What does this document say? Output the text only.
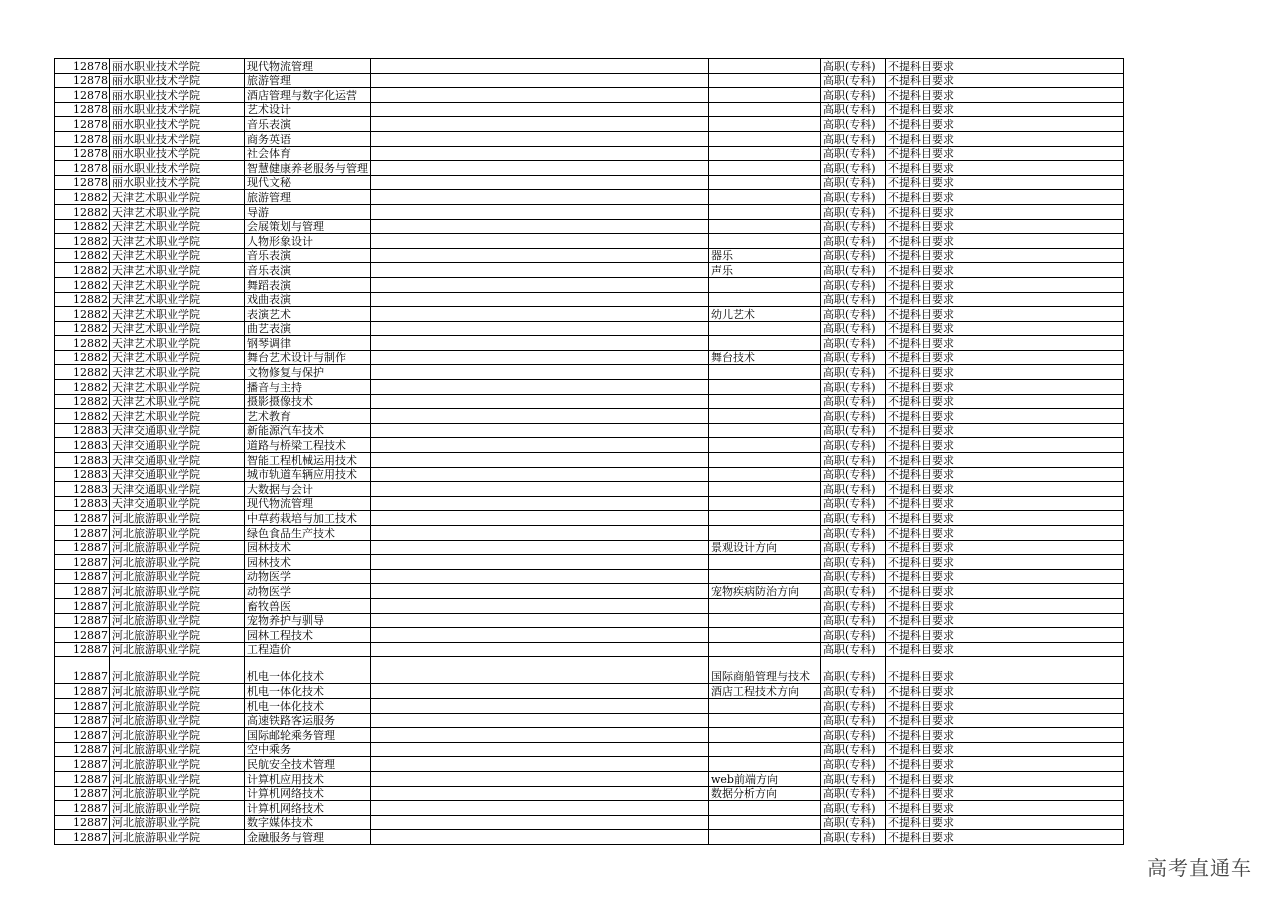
12878	丽水职业技术学院	现代物流管理			高职(专科)	不提科目要求
12878	丽水职业技术学院	旅游管理			高职(专科)	不提科目要求
12878	丽水职业技术学院	酒店管理与数字化运营			高职(专科)	不提科目要求
12878	丽水职业技术学院	艺术设计			高职(专科)	不提科目要求
12878	丽水职业技术学院	音乐表演			高职(专科)	不提科目要求
12878	丽水职业技术学院	商务英语			高职(专科)	不提科目要求
12878	丽水职业技术学院	社会体育			高职(专科)	不提科目要求
12878	丽水职业技术学院	智慧健康养老服务与管理			高职(专科)	不提科目要求
12878	丽水职业技术学院	现代文秘			高职(专科)	不提科目要求
12882	天津艺术职业学院	旅游管理			高职(专科)	不提科目要求
12882	天津艺术职业学院	导游			高职(专科)	不提科目要求
12882	天津艺术职业学院	会展策划与管理			高职(专科)	不提科目要求
12882	天津艺术职业学院	人物形象设计			高职(专科)	不提科目要求
12882	天津艺术职业学院	音乐表演		器乐	高职(专科)	不提科目要求
12882	天津艺术职业学院	音乐表演		声乐	高职(专科)	不提科目要求
12882	天津艺术职业学院	舞蹈表演			高职(专科)	不提科目要求
12882	天津艺术职业学院	戏曲表演			高职(专科)	不提科目要求
12882	天津艺术职业学院	表演艺术		幼儿艺术	高职(专科)	不提科目要求
12882	天津艺术职业学院	曲艺表演			高职(专科)	不提科目要求
12882	天津艺术职业学院	钢琴调律			高职(专科)	不提科目要求
12882	天津艺术职业学院	舞台艺术设计与制作		舞台技术	高职(专科)	不提科目要求
12882	天津艺术职业学院	文物修复与保护			高职(专科)	不提科目要求
12882	天津艺术职业学院	播音与主持			高职(专科)	不提科目要求
12882	天津艺术职业学院	摄影摄像技术			高职(专科)	不提科目要求
12882	天津艺术职业学院	艺术教育			高职(专科)	不提科目要求
12883	天津交通职业学院	新能源汽车技术			高职(专科)	不提科目要求
12883	天津交通职业学院	道路与桥梁工程技术			高职(专科)	不提科目要求
12883	天津交通职业学院	智能工程机械运用技术			高职(专科)	不提科目要求
12883	天津交通职业学院	城市轨道车辆应用技术			高职(专科)	不提科目要求
12883	天津交通职业学院	大数据与会计			高职(专科)	不提科目要求
12883	天津交通职业学院	现代物流管理			高职(专科)	不提科目要求
12887	河北旅游职业学院	中草药栽培与加工技术			高职(专科)	不提科目要求
12887	河北旅游职业学院	绿色食品生产技术			高职(专科)	不提科目要求
12887	河北旅游职业学院	园林技术		景观设计方向	高职(专科)	不提科目要求
12887	河北旅游职业学院	园林技术			高职(专科)	不提科目要求
12887	河北旅游职业学院	动物医学			高职(专科)	不提科目要求
12887	河北旅游职业学院	动物医学		宠物疾病防治方向	高职(专科)	不提科目要求
12887	河北旅游职业学院	畜牧兽医			高职(专科)	不提科目要求
12887	河北旅游职业学院	宠物养护与驯导			高职(专科)	不提科目要求
12887	河北旅游职业学院	园林工程技术			高职(专科)	不提科目要求
12887	河北旅游职业学院	工程造价			高职(专科)	不提科目要求
12887	河北旅游职业学院	机电一体化技术		国际商船管理与技术	高职(专科)	不提科目要求
12887	河北旅游职业学院	机电一体化技术		酒店工程技术方向	高职(专科)	不提科目要求
12887	河北旅游职业学院	机电一体化技术			高职(专科)	不提科目要求
12887	河北旅游职业学院	高速铁路客运服务			高职(专科)	不提科目要求
12887	河北旅游职业学院	国际邮轮乘务管理			高职(专科)	不提科目要求
12887	河北旅游职业学院	空中乘务			高职(专科)	不提科目要求
12887	河北旅游职业学院	民航安全技术管理			高职(专科)	不提科目要求
12887	河北旅游职业学院	计算机应用技术		web前端方向	高职(专科)	不提科目要求
12887	河北旅游职业学院	计算机网络技术		数据分析方向	高职(专科)	不提科目要求
12887	河北旅游职业学院	计算机网络技术			高职(专科)	不提科目要求
12887	河北旅游职业学院	数字媒体技术			高职(专科)	不提科目要求
12887	河北旅游职业学院	金融服务与管理			高职(专科)	不提科目要求
高考直通车
